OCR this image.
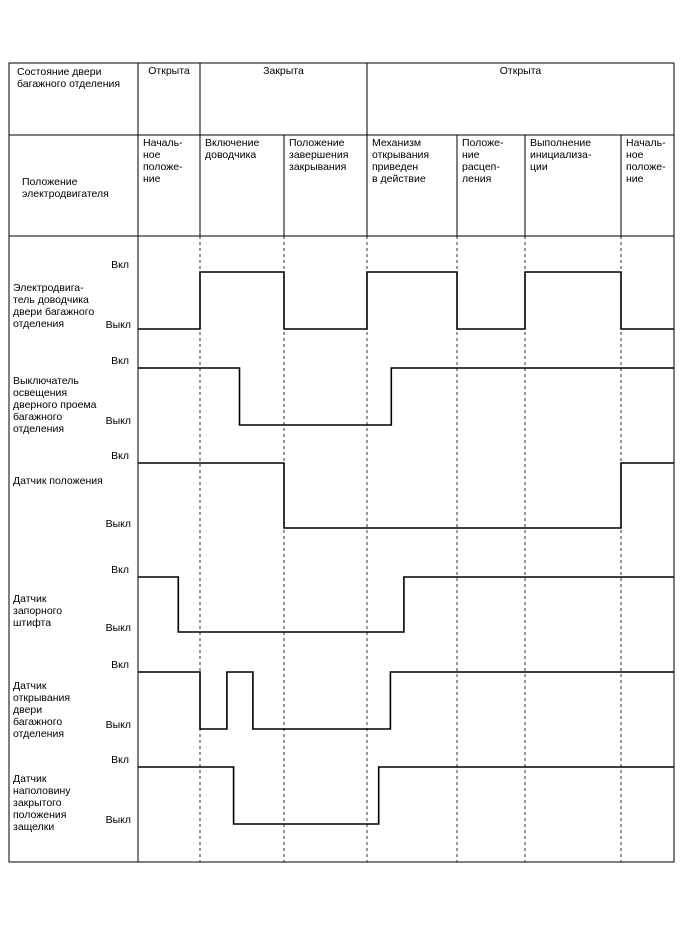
Состояние двери багажного отделения
Положение электродвигателя
Открыта	Закрыта	Открыта
Началь-ное положе-ние
Включение доводчика
Положение завершения закрывания
Механизм открывания приведен в действие
Положе-ние расцеп-ления
Выполнение инициализа-ции
Началь-ное положе-ние
Электродвига-тель доводчика двери багажного отделения
Вкл
Выкл
Выключатель освещения дверного проема багажного отделения
Вкл
Выкл
Датчик положения
Вкл
Выкл
Датчик запорного штифта
Вкл
Выкл
Датчик открывания двери багажного отделения
Вкл
Выкл
Датчик наполовину закрытого положения защелки
Вкл
Выкл
